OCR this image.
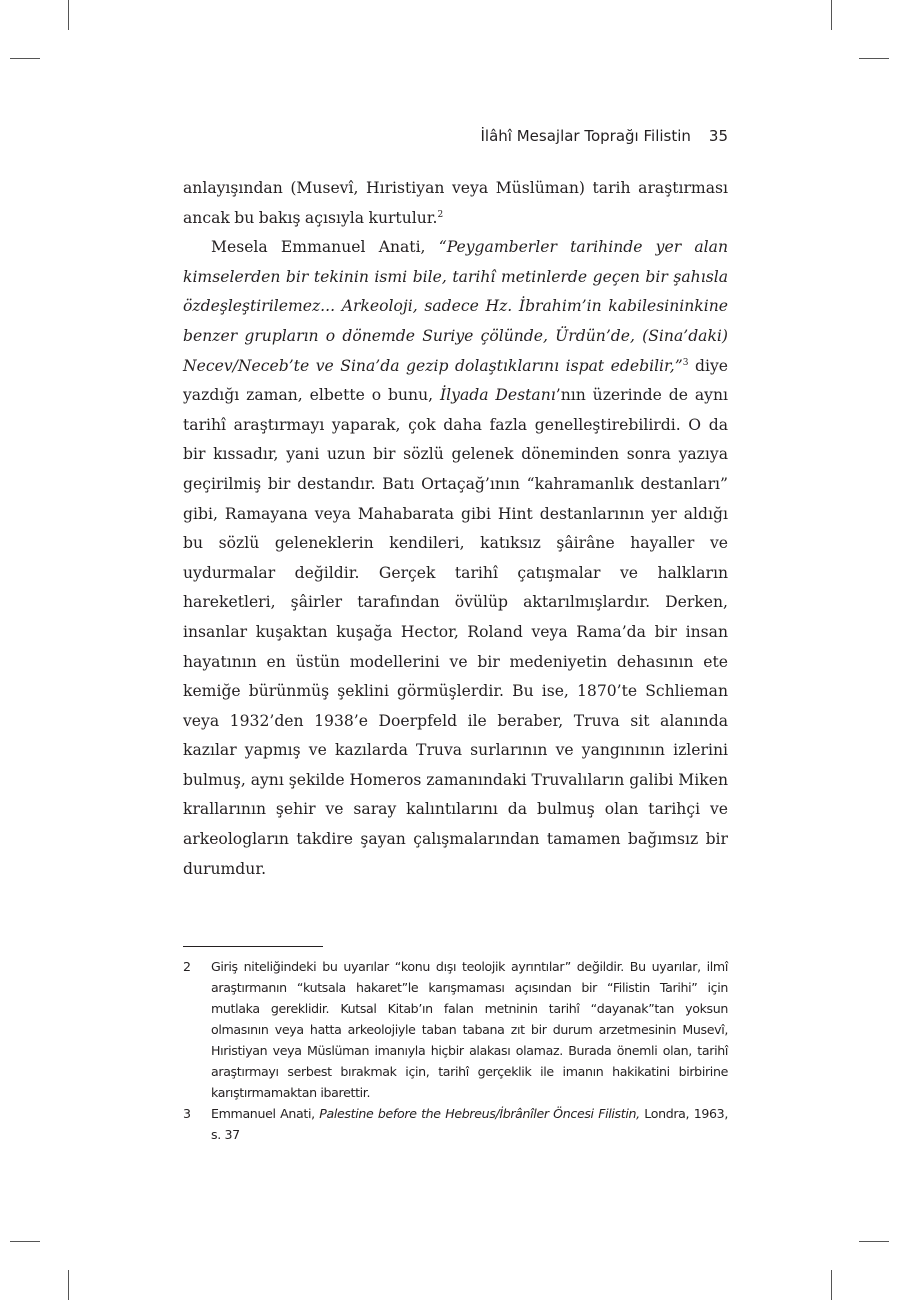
İlâhî Mesajlar Toprağı Filistin 35

anlayışından (Musevî, Hıristiyan veya Müslüman) tarih araştırması ancak bu bakış açısıyla kurtulur.$^2$

Mesela Emmanuel Anati, “Peygamberler tarihinde yer alan kimselerden bir tekinin ismi bile, tarihî metinlerde geçen bir şahısla özdeşleştirilemez... Arkeoloji, sadece Hz. İbrahim’in kabilesininkine benzer grupların o dönemde Suriye çölünde, Ürdün’de, (Sina’daki) Necev/Neceb’te ve Sina’da gezip dolaştıklarını ispat edebilir,”$^3$ diye yazdığı zaman, elbette o bunu, İlyada Destanı’nın üzerinde de aynı tarihî araştırmayı yaparak, çok daha fazla genelleştirebilirdi. O da bir kıssadır, yani uzun bir sözlü gelenek döneminden sonra yazıya geçirilmiş bir destandır. Batı Ortaçağ’ının “kahramanlık destanları” gibi, Ramayana veya Mahabarata gibi Hint destanlarının yer aldığı bu sözlü geleneklerin kendileri, katıksız şâirâne hayaller ve uydurmalar değildir. Gerçek tarihî çatışmalar ve halkların hareketleri, şâirler tarafından övülüp aktarılmışlardır. Derken, insanlar kuşaktan kuşağa Hector, Roland veya Rama’da bir insan hayatının en üstün modellerini ve bir medeniyetin dehasının ete kemiğe bürünmüş şeklini görmüşlerdir. Bu ise, 1870’te Schlieman veya 1932’den 1938’e Doerpfeld ile beraber, Truva sit alanında kazılar yapmış ve kazılarda Truva surlarının ve yangınının izlerini bulmuş, aynı şekilde Homeros zamanındaki Truvalıların galibi Miken krallarının şehir ve saray kalıntılarını da bulmuş olan tarihçi ve arkeologların takdire şayan çalışmalarından tamamen bağımsız bir durumdur.

2	Giriş niteliğindeki bu uyarılar “konu dışı teolojik ayrıntılar” değildir. Bu uyarılar, ilmî araştırmanın “kutsala hakaret”le karışmaması açısından bir “Filistin Tarihi” için mutlaka gereklidir. Kutsal Kitab’ın falan metninin tarihî “dayanak”tan yoksun olmasının veya hatta arkeolojiyle taban tabana zıt bir durum arzetmesinin Musevî, Hıristiyan veya Müslüman imanıyla hiçbir alakası olamaz. Burada önemli olan, tarihî araştırmayı serbest bırakmak için, tarihî gerçeklik ile imanın hakikatini birbirine karıştırmamaktan ibarettir.
3	Emmanuel Anati, Palestine before the Hebreus/İbrânîler Öncesi Filistin, Londra, 1963, s. 37
